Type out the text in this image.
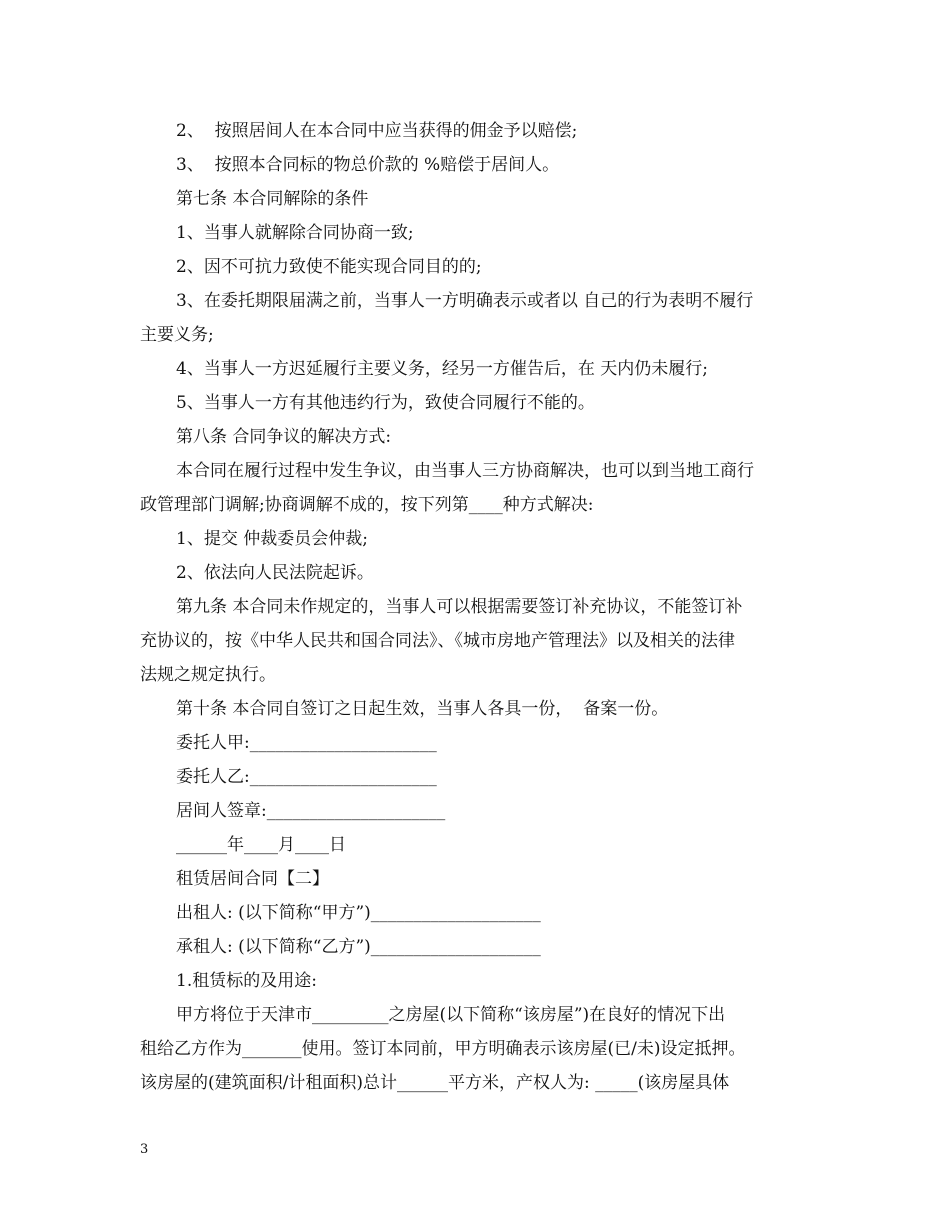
2、  按照居间人在本合同中应当获得的佣金予以赔偿;
3、  按照本合同标的物总价款的 %赔偿于居间人。
第七条 本合同解除的条件
1、当事人就解除合同协商一致;
2、因不可抗力致使不能实现合同目的的;
3、在委托期限届满之前，当事人一方明确表示或者以 自己的行为表明不履行
主要义务;
4、当事人一方迟延履行主要义务，经另一方催告后，在 天内仍未履行;
5、当事人一方有其他违约行为，致使合同履行不能的。
第八条 合同争议的解决方式:
本合同在履行过程中发生争议，由当事人三方协商解决，也可以到当地工商行
政管理部门调解;协商调解不成的，按下列第____种方式解决:
1、提交 仲裁委员会仲裁;
2、依法向人民法院起诉。
第九条 本合同未作规定的，当事人可以根据需要签订补充协议，不能签订补
充协议的，按《中华人民共和国合同法》、《城市房地产管理法》以及相关的法律
法规之规定执行。
第十条 本合同自签订之日起生效，当事人各具一份，  备案一份。
委托人甲:______________________
委托人乙:______________________
居间人签章:_____________________
______年____月____日
租赁居间合同【二】
出租人: (以下简称“甲方”)____________________
承租人: (以下简称“乙方”)____________________
1.租赁标的及用途:
甲方将位于天津市_________之房屋(以下简称“该房屋”)在良好的情况下出
租给乙方作为_______使用。签订本同前，甲方明确表示该房屋(已/未)设定抵押。
该房屋的(建筑面积/计租面积)总计______平方米，产权人为: _____(该房屋具体
3
